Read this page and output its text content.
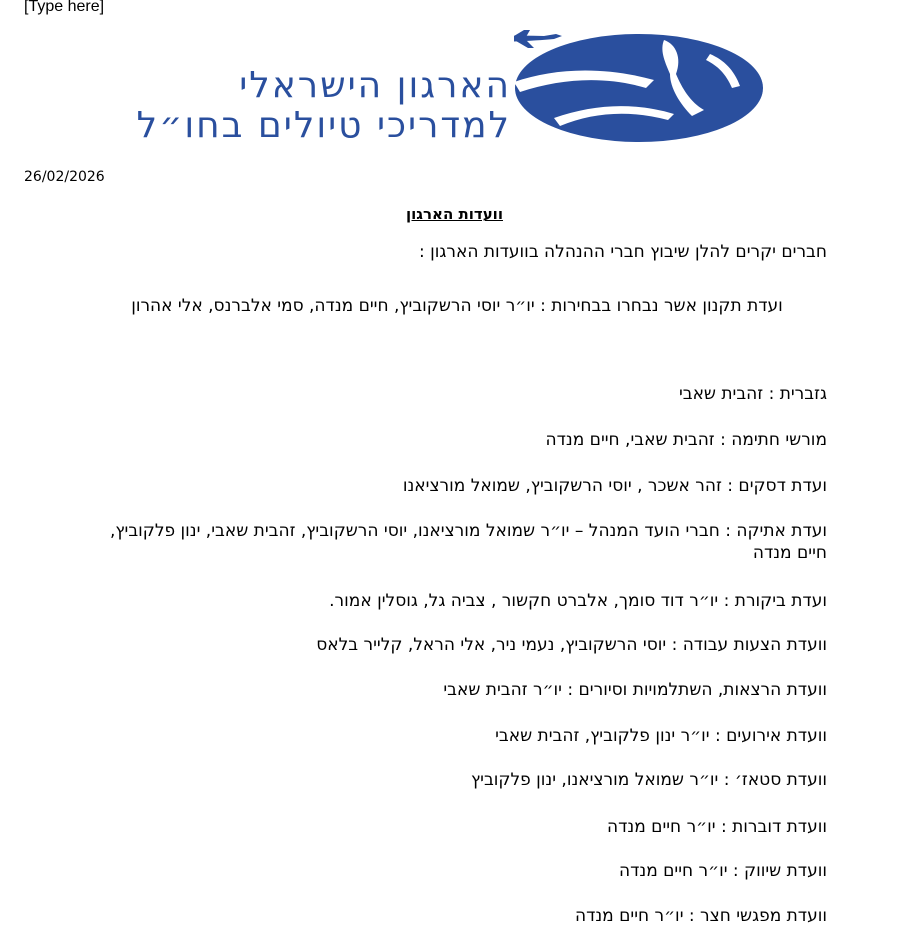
[Type here]
הארגון הישראלי
למדריכי טיולים בחו״ל
26/02/2026
וועדות הארגון
חברים יקרים להלן שיבוץ חברי ההנהלה בוועדות הארגון :
ועדת תקנון אשר נבחרו בבחירות : יו״ר יוסי הרשקוביץ, חיים מנדה, סמי אלברנס, אלי אהרון
גזברית : זהבית שאבי
מורשי חתימה : זהבית שאבי, חיים מנדה
ועדת דסקים : זהר אשכר , יוסי הרשקוביץ, שמואל מורציאנו
ועדת אתיקה : חברי הועד המנהל – יו״ר שמואל מורציאנו, יוסי הרשקוביץ, זהבית שאבי, ינון פלקוביץ, חיים מנדה
ועדת ביקורת : יו״ר דוד סומך, אלברט חקשור , צביה גל, גוסלין אמור.
וועדת הצעות עבודה : יוסי הרשקוביץ, נעמי ניר, אלי הראל, קלייר בלאס
וועדת הרצאות, השתלמויות וסיורים : יו״ר זהבית שאבי
וועדת אירועים : יו״ר ינון פלקוביץ, זהבית שאבי
וועדת סטאז׳ : יו״ר שמואל מורציאנו, ינון פלקוביץ
וועדת דוברות : יו״ר חיים מנדה
וועדת שיווק : יו״ר חיים מנדה
וועדת מפגשי חצר : יו״ר חיים מנדה
